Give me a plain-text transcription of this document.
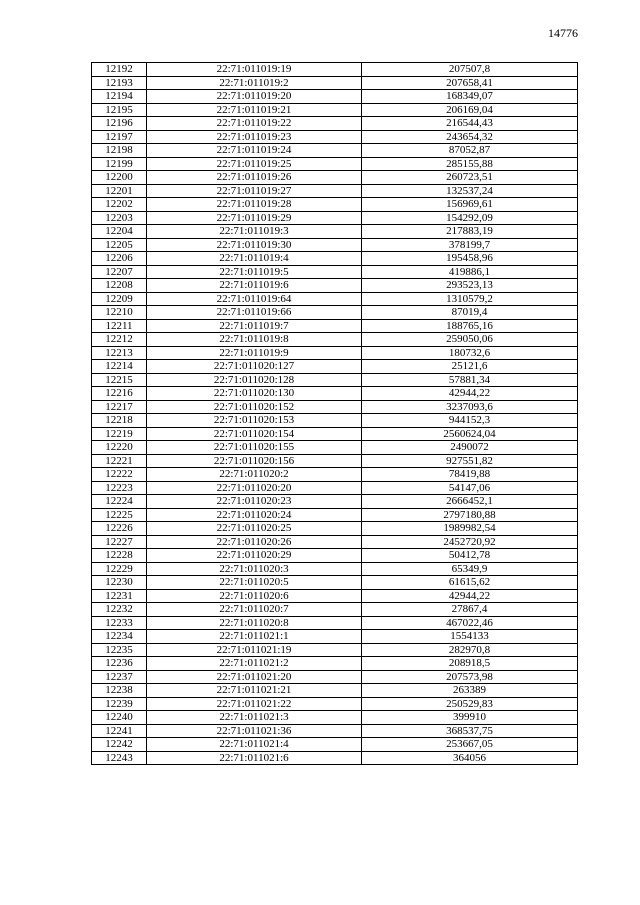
14776
12192	22:71:011019:19	207507,8
12193	22:71:011019:2	207658,41
12194	22:71:011019:20	168349,07
12195	22:71:011019:21	206169,04
12196	22:71:011019:22	216544,43
12197	22:71:011019:23	243654,32
12198	22:71:011019:24	87052,87
12199	22:71:011019:25	285155,88
12200	22:71:011019:26	260723,51
12201	22:71:011019:27	132537,24
12202	22:71:011019:28	156969,61
12203	22:71:011019:29	154292,09
12204	22:71:011019:3	217883,19
12205	22:71:011019:30	378199,7
12206	22:71:011019:4	195458,96
12207	22:71:011019:5	419886,1
12208	22:71:011019:6	293523,13
12209	22:71:011019:64	1310579,2
12210	22:71:011019:66	87019,4
12211	22:71:011019:7	188765,16
12212	22:71:011019:8	259050,06
12213	22:71:011019:9	180732,6
12214	22:71:011020:127	25121,6
12215	22:71:011020:128	57881,34
12216	22:71:011020:130	42944,22
12217	22:71:011020:152	3237093,6
12218	22:71:011020:153	944152,3
12219	22:71:011020:154	2560624,04
12220	22:71:011020:155	2490072
12221	22:71:011020:156	927551,82
12222	22:71:011020:2	78419,88
12223	22:71:011020:20	54147,06
12224	22:71:011020:23	2666452,1
12225	22:71:011020:24	2797180,88
12226	22:71:011020:25	1989982,54
12227	22:71:011020:26	2452720,92
12228	22:71:011020:29	50412,78
12229	22:71:011020:3	65349,9
12230	22:71:011020:5	61615,62
12231	22:71:011020:6	42944,22
12232	22:71:011020:7	27867,4
12233	22:71:011020:8	467022,46
12234	22:71:011021:1	1554133
12235	22:71:011021:19	282970,8
12236	22:71:011021:2	208918,5
12237	22:71:011021:20	207573,98
12238	22:71:011021:21	263389
12239	22:71:011021:22	250529,83
12240	22:71:011021:3	399910
12241	22:71:011021:36	368537,75
12242	22:71:011021:4	253667,05
12243	22:71:011021:6	364056
